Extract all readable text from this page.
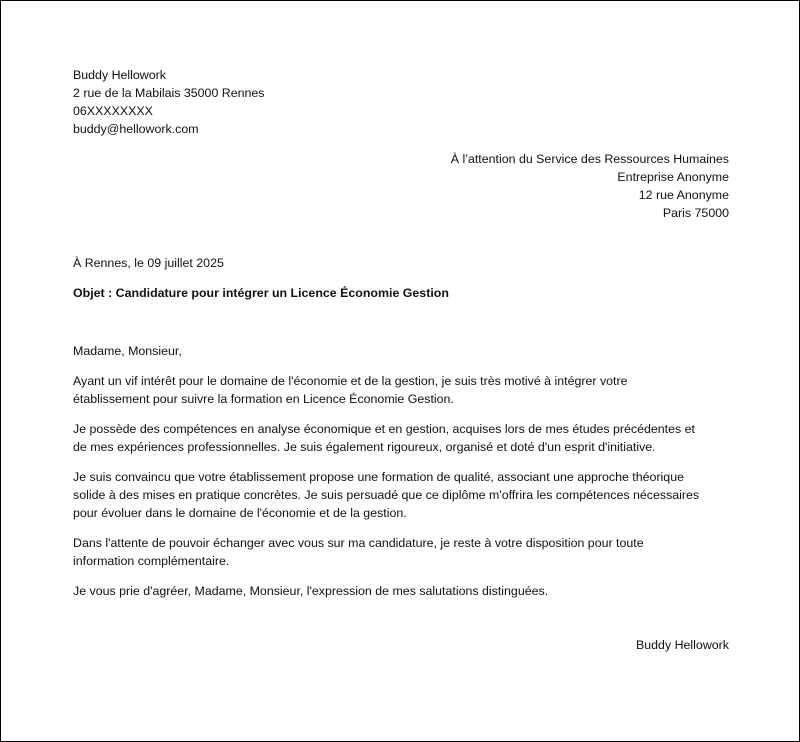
Buddy Hellowork
2 rue de la Mabilais 35000 Rennes
06XXXXXXXX
buddy@hellowork.com
À l’attention du Service des Ressources Humaines
Entreprise Anonyme
12 rue Anonyme
Paris 75000
À Rennes, le 09 juillet 2025
Objet : Candidature pour intégrer un Licence Économie Gestion
Madame, Monsieur,
Ayant un vif intérêt pour le domaine de l'économie et de la gestion, je suis très motivé à intégrer votre
établissement pour suivre la formation en Licence Économie Gestion.
Je possède des compétences en analyse économique et en gestion, acquises lors de mes études précédentes et
de mes expériences professionnelles. Je suis également rigoureux, organisé et doté d'un esprit d'initiative.
Je suis convaincu que votre établissement propose une formation de qualité, associant une approche théorique
solide à des mises en pratique concrètes. Je suis persuadé que ce diplôme m'offrira les compétences nécessaires
pour évoluer dans le domaine de l'économie et de la gestion.
Dans l'attente de pouvoir échanger avec vous sur ma candidature, je reste à votre disposition pour toute
information complémentaire.
Je vous prie d'agréer, Madame, Monsieur, l'expression de mes salutations distinguées.
Buddy Hellowork
